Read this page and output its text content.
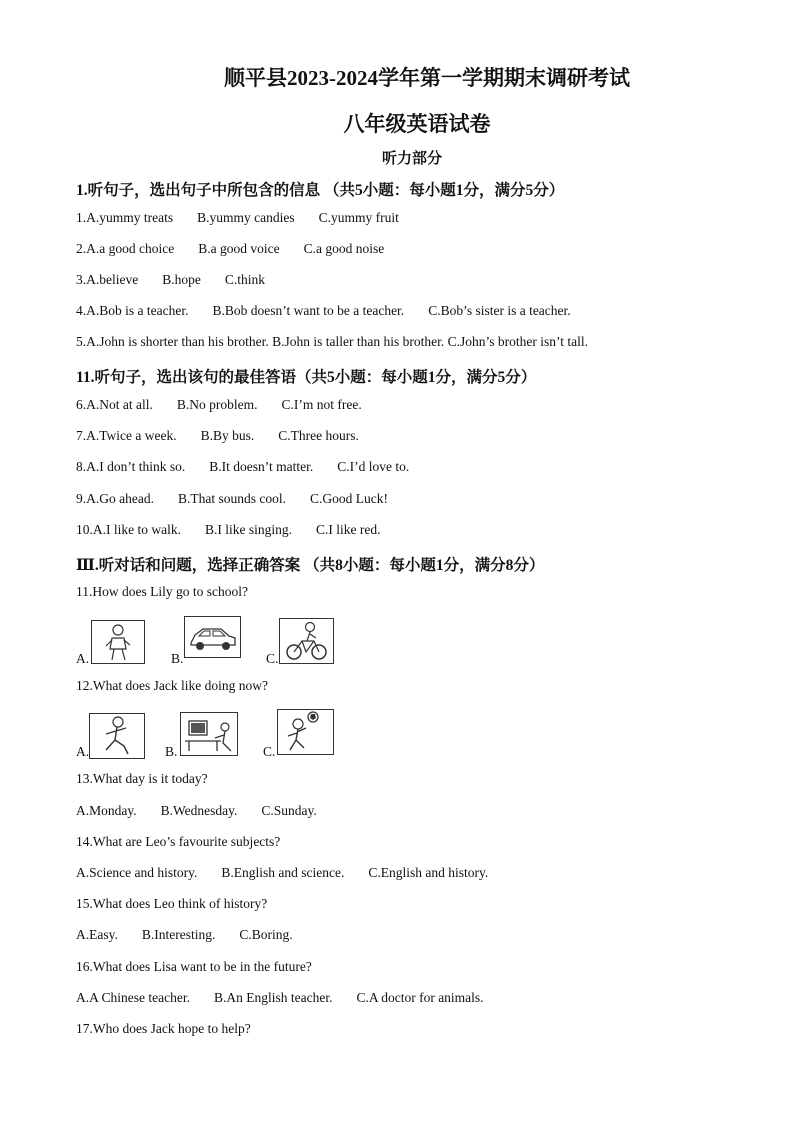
顺平县2023-2024学年第一学期期末调研考试
八年级英语试卷
听力部分
1.听句子，选出句子中所包含的信息 （共5小题：每小题1分，满分5分）
1.A.yummy treats B.yummy candies C.yummy fruit
2.A.a good choice B.a good voice C.a good noise
3.A.believe B.hope C.think
4.A.Bob is a teacher. B.Bob doesn’t want to be a teacher. C.Bob’s sister is a teacher.
5.A.John is shorter than his brother. B.John is taller than his brother. C.John’s brother isn’t tall.
11.听句子，选出该句的最佳答语（共5小题：每小题1分，满分5分）
6.A.Not at all. B.No problem. C.I’m not free.
7.A.Twice a week. B.By bus. C.Three hours.
8.A.I don’t think so. B.It doesn’t matter. C.I’d love to.
9.A.Go ahead. B.That sounds cool. C.Good Luck!
10.A.I like to walk. B.I like singing. C.I like red.
Ⅲ.听对话和问题，选择正确答案 （共8小题：每小题1分，满分8分）
11.How does Lily go to school?
A.	B.	C.
12.What does Jack like doing now?
A.	B.	C.
13.What day is it today?
A.Monday. B.Wednesday. C.Sunday.
14.What are Leo’s favourite subjects?
A.Science and history. B.English and science. C.English and history.
15.What does Leo think of history?
A.Easy. B.Interesting. C.Boring.
16.What does Lisa want to be in the future?
A.A Chinese teacher. B.An English teacher. C.A doctor for animals.
17.Who does Jack hope to help?
